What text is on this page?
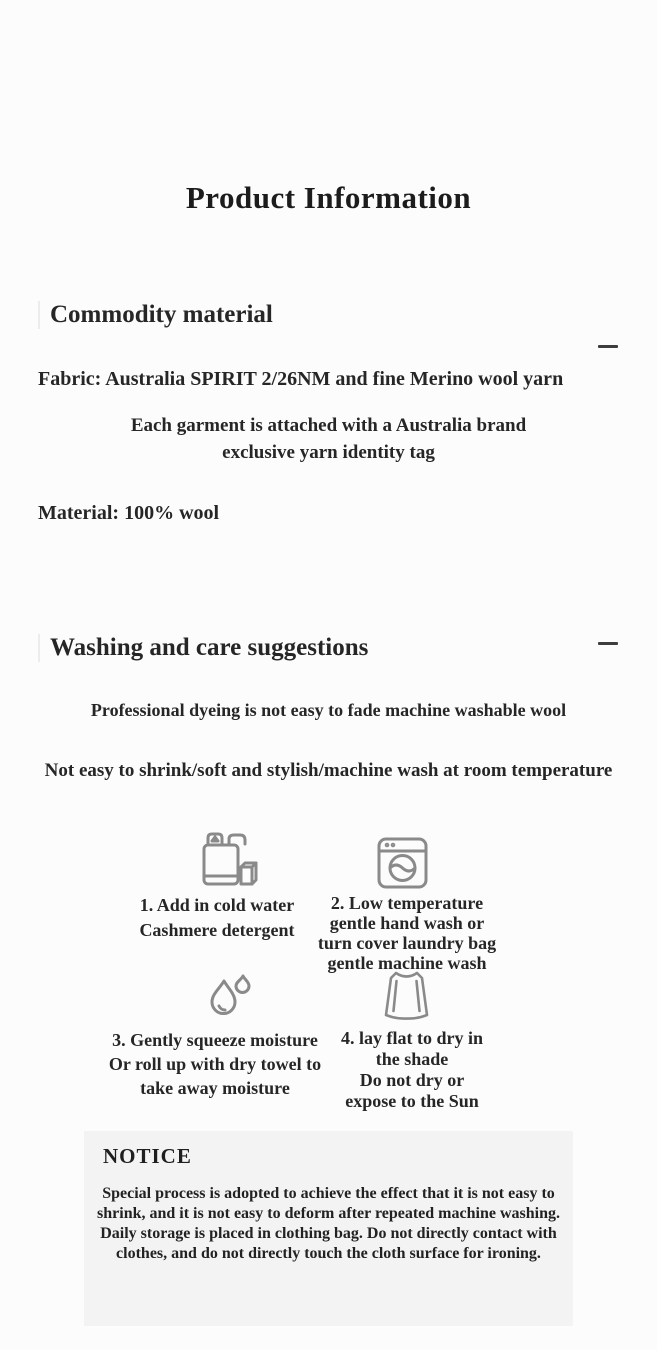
Product Information
Commodity material
Fabric: Australia SPIRIT 2/26NM and fine Merino wool yarn
Each garment is attached with a Australia brand
exclusive yarn identity tag
Material: 100% wool
Washing and care suggestions
Professional dyeing is not easy to fade machine washable wool
Not easy to shrink/soft and stylish/machine wash at room temperature
1. Add in cold water
Cashmere detergent
2. Low temperature
gentle hand wash or
turn cover laundry bag
gentle machine wash
3. Gently squeeze moisture
Or roll up with dry towel to
take away moisture
4. lay flat to dry in
the shade
Do not dry or
expose to the Sun
NOTICE
Special process is adopted to achieve the effect that it is not easy to shrink, and it is not easy to deform after repeated machine washing. Daily storage is placed in clothing bag. Do not directly contact with clothes, and do not directly touch the cloth surface for ironing.
